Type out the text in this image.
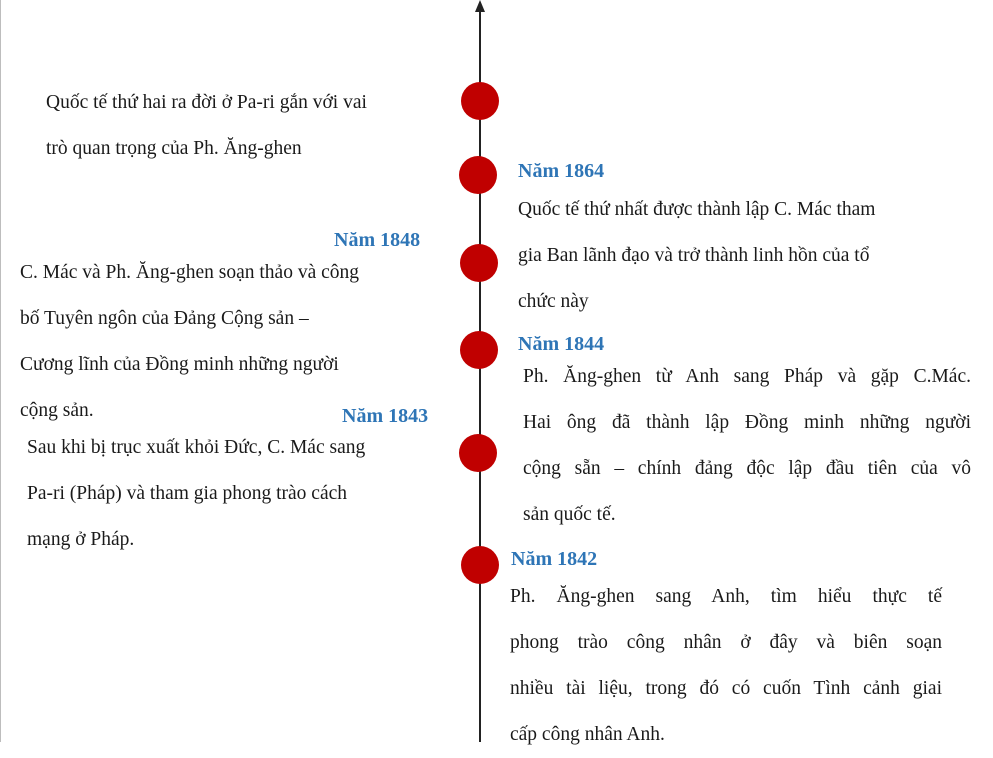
Quốc tế thứ hai ra đời ở Pa-ri gắn với vai
trò quan trọng của Ph. Ăng-ghen
Năm 1864
Quốc tế thứ nhất được thành lập C. Mác tham
gia Ban lãnh đạo và trở thành linh hồn của tổ
chức này
Năm 1848
C. Mác và Ph. Ăng-ghen soạn thảo và công
bố Tuyên ngôn của Đảng Cộng sản –
Cương lĩnh của Đồng minh những người
cộng sản.
Năm 1844
Ph. Ăng-ghen từ Anh sang Pháp và gặp C.Mác.
Hai ông đã thành lập Đồng minh những người
cộng sẵn – chính đảng độc lập đầu tiên của vô
sản quốc tế.
Năm 1843
Sau khi bị trục xuất khỏi Đức, C. Mác sang
Pa-ri (Pháp) và tham gia phong trào cách
mạng ở Pháp.
Năm 1842
Ph. Ăng-ghen sang Anh, tìm hiểu thực tế
phong trào công nhân ở đây và biên soạn
nhiều tài liệu, trong đó có cuốn Tình cảnh giai
cấp công nhân Anh.
